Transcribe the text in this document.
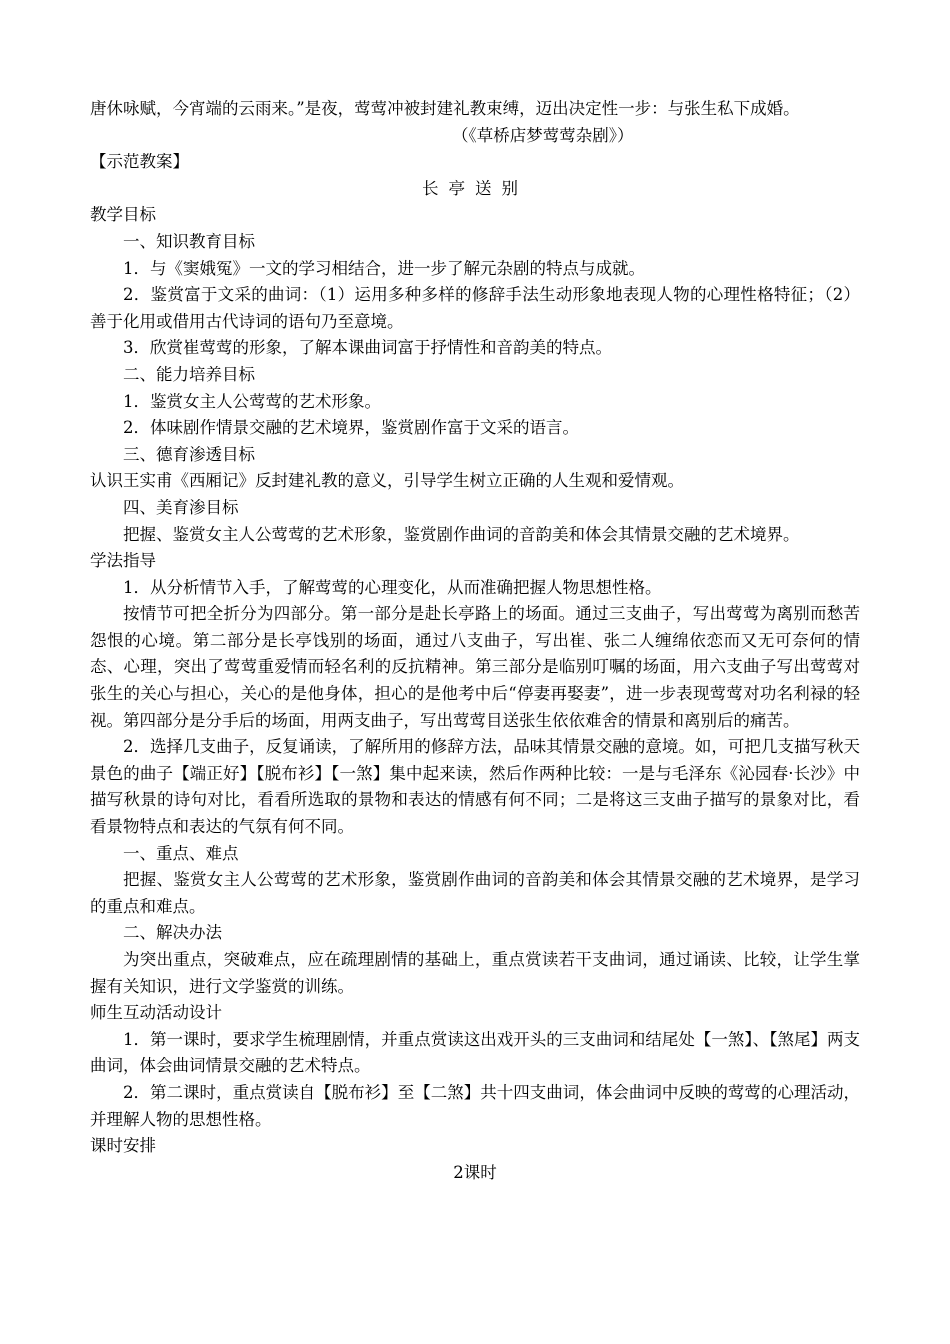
唐休咏赋，今宵端的云雨来。”是夜，莺莺冲被封建礼教束缚，迈出决定性一步：与张生私下成婚。

（《草桥店梦莺莺杂剧》）

【示范教案】

长亭送别

教学目标

一、知识教育目标

1．与《窦娥冤》一文的学习相结合，进一步了解元杂剧的特点与成就。

2．鉴赏富于文采的曲词：（1）运用多种多样的修辞手法生动形象地表现人物的心理性格特征；（2）善于化用或借用古代诗词的语句乃至意境。

3．欣赏崔莺莺的形象，了解本课曲词富于抒情性和音韵美的特点。

二、能力培养目标

1．鉴赏女主人公莺莺的艺术形象。

2．体味剧作情景交融的艺术境界，鉴赏剧作富于文采的语言。

三、德育渗透目标

认识王实甫《西厢记》反封建礼教的意义，引导学生树立正确的人生观和爱情观。

四、美育渗目标

把握、鉴赏女主人公莺莺的艺术形象，鉴赏剧作曲词的音韵美和体会其情景交融的艺术境界。

学法指导

1．从分析情节入手，了解莺莺的心理变化，从而准确把握人物思想性格。

按情节可把全折分为四部分。第一部分是赴长亭路上的场面。通过三支曲子，写出莺莺为离别而愁苦怨恨的心境。第二部分是长亭饯别的场面，通过八支曲子，写出崔、张二人缠绵依恋而又无可奈何的情态、心理，突出了莺莺重爱情而轻名利的反抗精神。第三部分是临别叮嘱的场面，用六支曲子写出莺莺对张生的关心与担心，关心的是他身体，担心的是他考中后“停妻再娶妻”，进一步表现莺莺对功名利禄的轻视。第四部分是分手后的场面，用两支曲子，写出莺莺目送张生依依难舍的情景和离别后的痛苦。

2．选择几支曲子，反复诵读，了解所用的修辞方法，品味其情景交融的意境。如，可把几支描写秋天景色的曲子【端正好】【脱布衫】【一煞】集中起来读，然后作两种比较：一是与毛泽东《沁园春·长沙》中描写秋景的诗句对比，看看所选取的景物和表达的情感有何不同；二是将这三支曲子描写的景象对比，看看景物特点和表达的气氛有何不同。

一、重点、难点

把握、鉴赏女主人公莺莺的艺术形象，鉴赏剧作曲词的音韵美和体会其情景交融的艺术境界，是学习的重点和难点。

二、解决办法

为突出重点，突破难点，应在疏理剧情的基础上，重点赏读若干支曲词，通过诵读、比较，让学生掌握有关知识，进行文学鉴赏的训练。

师生互动活动设计

1．第一课时，要求学生梳理剧情，并重点赏读这出戏开头的三支曲词和结尾处【一煞】、【煞尾】两支曲词，体会曲词情景交融的艺术特点。

2．第二课时，重点赏读自【脱布衫】至【二煞】共十四支曲词，体会曲词中反映的莺莺的心理活动，并理解人物的思想性格。

课时安排

2课时
